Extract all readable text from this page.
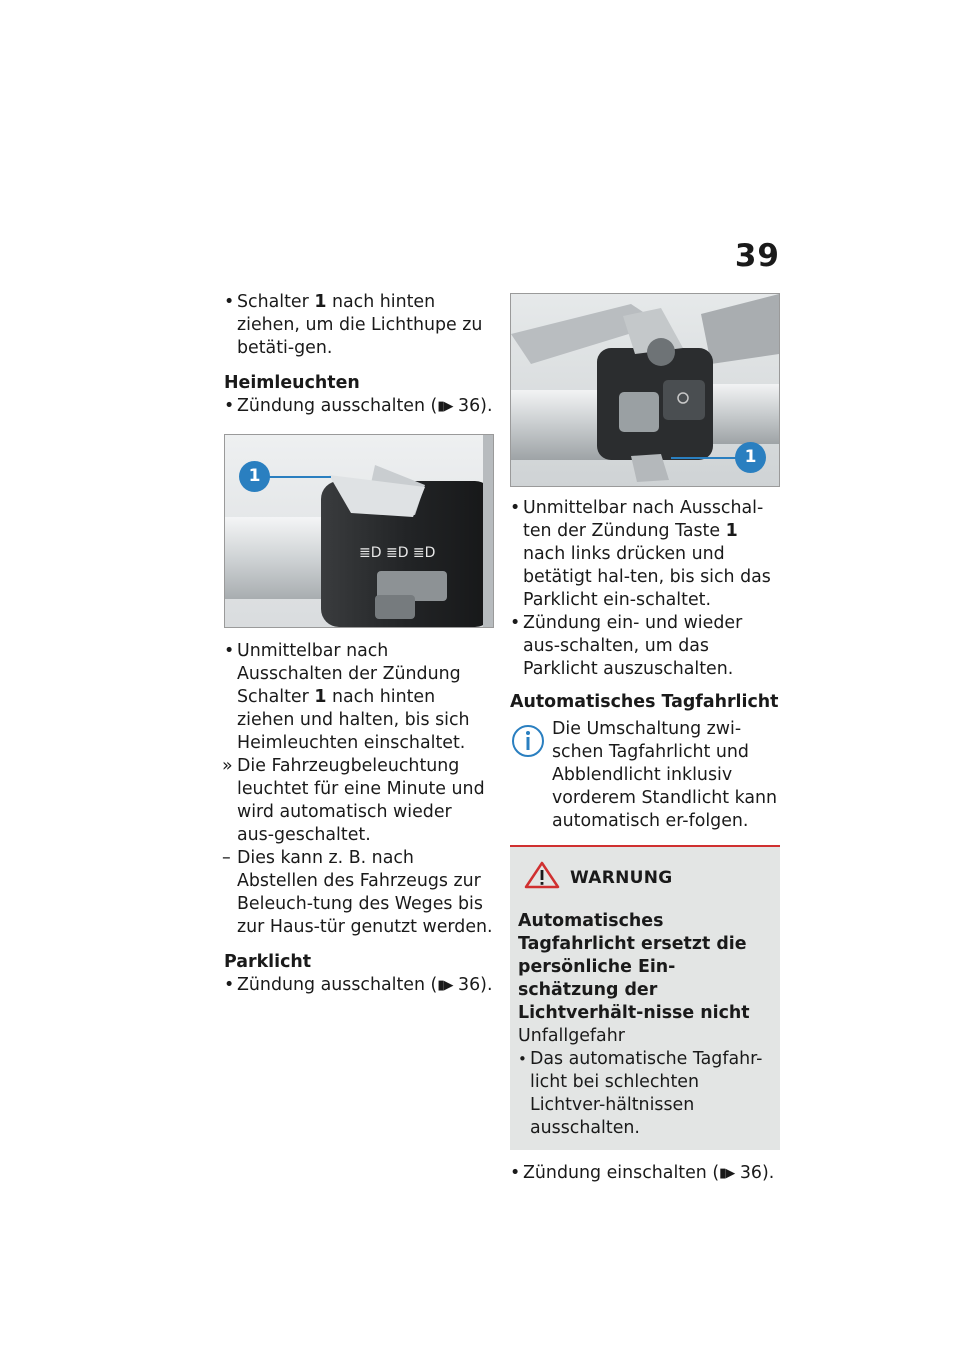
39

• Schalter 1 nach hinten ziehen, um die Lichthupe zu betäti-gen.

Heimleuchten

• Zündung ausschalten (▮▶ 36).

≣D ≣D ≣D
1

• Unmittelbar nach Ausschalten der Zündung Schalter 1 nach hinten ziehen und halten, bis sich Heimleuchten einschaltet.

» Die Fahrzeugbeleuchtung leuchtet für eine Minute und wird automatisch wieder aus-geschaltet.

– Dies kann z. B. nach Abstellen des Fahrzeugs zur Beleuch-tung des Weges bis zur Haus-tür genutzt werden.

Parklicht

• Zündung ausschalten (▮▶ 36).

1

• Unmittelbar nach Ausschal-ten der Zündung Taste 1 nach links drücken und betätigt hal-ten, bis sich das Parklicht ein-schaltet.

• Zündung ein- und wieder aus-schalten, um das Parklicht auszuschalten.

Automatisches Tagfahrlicht

Die Umschaltung zwi-schen Tagfahrlicht und Abblendlicht inklusiv vorderem Standlicht kann automatisch er-folgen.
WARNUNG
Automatisches Tagfahrlicht ersetzt die persönliche Ein-schätzung der Lichtverhält-nisse nicht
Unfallgefahr
• Das automatische Tagfahr-licht bei schlechten Lichtver-hältnissen ausschalten.

• Zündung einschalten (▮▶ 36).
